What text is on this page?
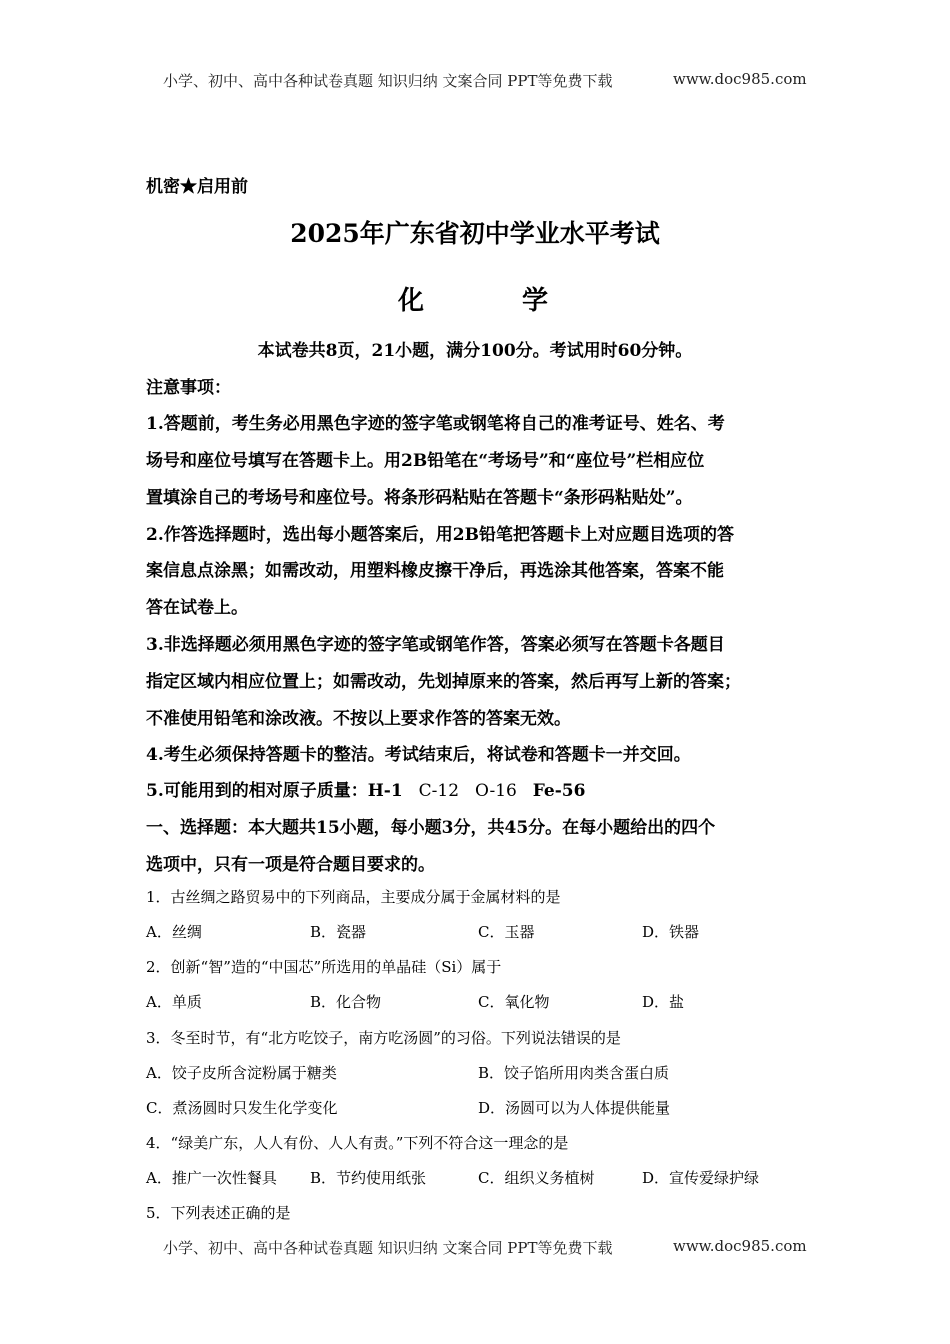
小学、初中、高中各种试卷真题 知识归纳 文案合同 PPT等免费下载	www.doc985.com
机密★启用前
2025年广东省初中学业水平考试
化	学
本试卷共8页，21小题，满分100分。考试用时60分钟。
注意事项：
1.答题前，考生务必用黑色字迹的签字笔或钢笔将自己的准考证号、姓名、考
场号和座位号填写在答题卡上。用2B铅笔在“考场号”和“座位号”栏相应位
置填涂自己的考场号和座位号。将条形码粘贴在答题卡“条形码粘贴处”。
2.作答选择题时，选出每小题答案后，用2B铅笔把答题卡上对应题目选项的答
案信息点涂黑；如需改动，用塑料橡皮擦干净后，再选涂其他答案，答案不能
答在试卷上。
3.非选择题必须用黑色字迹的签字笔或钢笔作答，答案必须写在答题卡各题目
指定区域内相应位置上；如需改动，先划掉原来的答案，然后再写上新的答案；
不准使用铅笔和涂改液。不按以上要求作答的答案无效。
4.考生必须保持答题卡的整洁。考试结束后，将试卷和答题卡一并交回。
5.可能用到的相对原子质量：H-1 C-12 O-16 Fe-56
一、选择题：本大题共15小题，每小题3分，共45分。在每小题给出的四个
选项中，只有一项是符合题目要求的。
1．古丝绸之路贸易中的下列商品，主要成分属于金属材料的是
A．丝绸	B．瓷器	C．玉器	D．铁器
2．创新“智”造的“中国芯”所选用的单晶硅（Si）属于
A．单质	B．化合物	C．氧化物	D．盐
3．冬至时节，有“北方吃饺子，南方吃汤圆”的习俗。下列说法错误的是
A．饺子皮所含淀粉属于糖类	B．饺子馅所用肉类含蛋白质
C．煮汤圆时只发生化学变化	D．汤圆可以为人体提供能量
4．“绿美广东，人人有份、人人有责。”下列不符合这一理念的是
A．推广一次性餐具 B．节约使用纸张	C．组织义务植树	D．宣传爱绿护绿
5．下列表述正确的是
小学、初中、高中各种试卷真题 知识归纳 文案合同 PPT等免费下载	www.doc985.com
